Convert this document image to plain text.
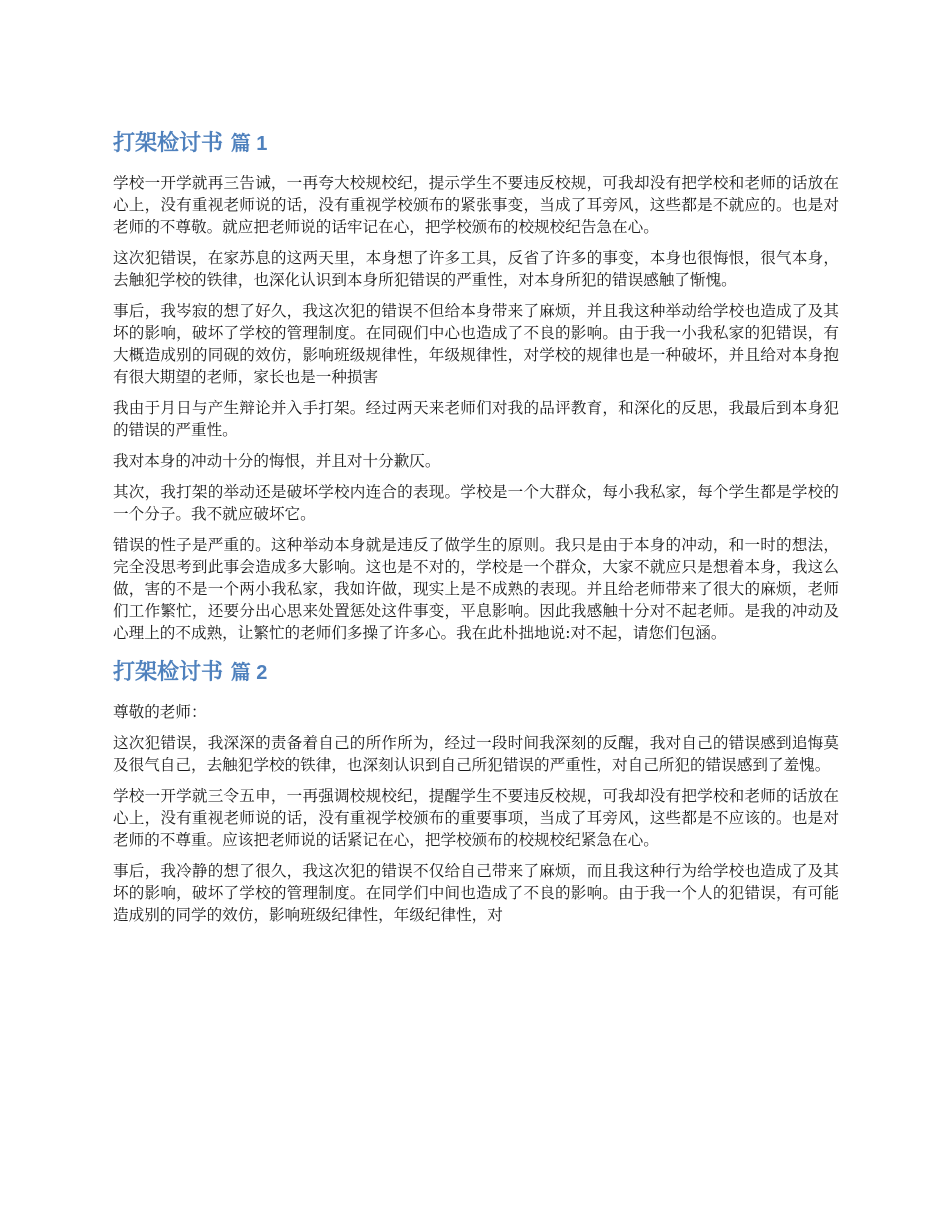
打架检讨书 篇 1

学校一开学就再三告诫，一再夸大校规校纪，提示学生不要违反校规，可我却没有把学校和老师的话放在心上，没有重视老师说的话，没有重视学校颁布的紧张事变，当成了耳旁风，这些都是不就应的。也是对老师的不尊敬。就应把老师说的话牢记在心，把学校颁布的校规校纪告急在心。

这次犯错误，在家苏息的这两天里，本身想了许多工具，反省了许多的事变，本身也很悔恨，很气本身，去触犯学校的铁律，也深化认识到本身所犯错误的严重性，对本身所犯的错误感触了惭愧。

事后，我岑寂的想了好久，我这次犯的错误不但给本身带来了麻烦，并且我这种举动给学校也造成了及其坏的影响，破坏了学校的管理制度。在同砚们中心也造成了不良的影响。由于我一小我私家的犯错误，有大概造成别的同砚的效仿，影响班级规律性，年级规律性，对学校的规律也是一种破坏，并且给对本身抱有很大期望的老师，家长也是一种损害

我由于月日与产生辩论并入手打架。经过两天来老师们对我的品评教育，和深化的反思，我最后到本身犯的错误的严重性。

我对本身的冲动十分的悔恨，并且对十分歉仄。

其次，我打架的举动还是破坏学校内连合的表现。学校是一个大群众，每小我私家，每个学生都是学校的一个分子。我不就应破坏它。

错误的性子是严重的。这种举动本身就是违反了做学生的原则。我只是由于本身的冲动，和一时的想法，完全没思考到此事会造成多大影响。这也是不对的，学校是一个群众，大家不就应只是想着本身，我这么做，害的不是一个两小我私家，我如许做，现实上是不成熟的表现。并且给老师带来了很大的麻烦，老师们工作繁忙，还要分出心思来处置惩处这件事变，平息影响。因此我感触十分对不起老师。是我的冲动及心理上的不成熟，让繁忙的老师们多操了许多心。我在此朴拙地说:对不起，请您们包涵。

打架检讨书 篇 2

尊敬的老师：

这次犯错误，我深深的责备着自己的所作所为，经过一段时间我深刻的反醒，我对自己的错误感到追悔莫及很气自己，去触犯学校的铁律，也深刻认识到自己所犯错误的严重性，对自己所犯的错误感到了羞愧。

学校一开学就三令五申，一再强调校规校纪，提醒学生不要违反校规，可我却没有把学校和老师的话放在心上，没有重视老师说的话，没有重视学校颁布的重要事项，当成了耳旁风，这些都是不应该的。也是对老师的不尊重。应该把老师说的话紧记在心，把学校颁布的校规校纪紧急在心。

事后，我冷静的想了很久，我这次犯的错误不仅给自己带来了麻烦，而且我这种行为给学校也造成了及其坏的影响，破坏了学校的管理制度。在同学们中间也造成了不良的影响。由于我一个人的犯错误，有可能造成别的同学的效仿，影响班级纪律性，年级纪律性，对
